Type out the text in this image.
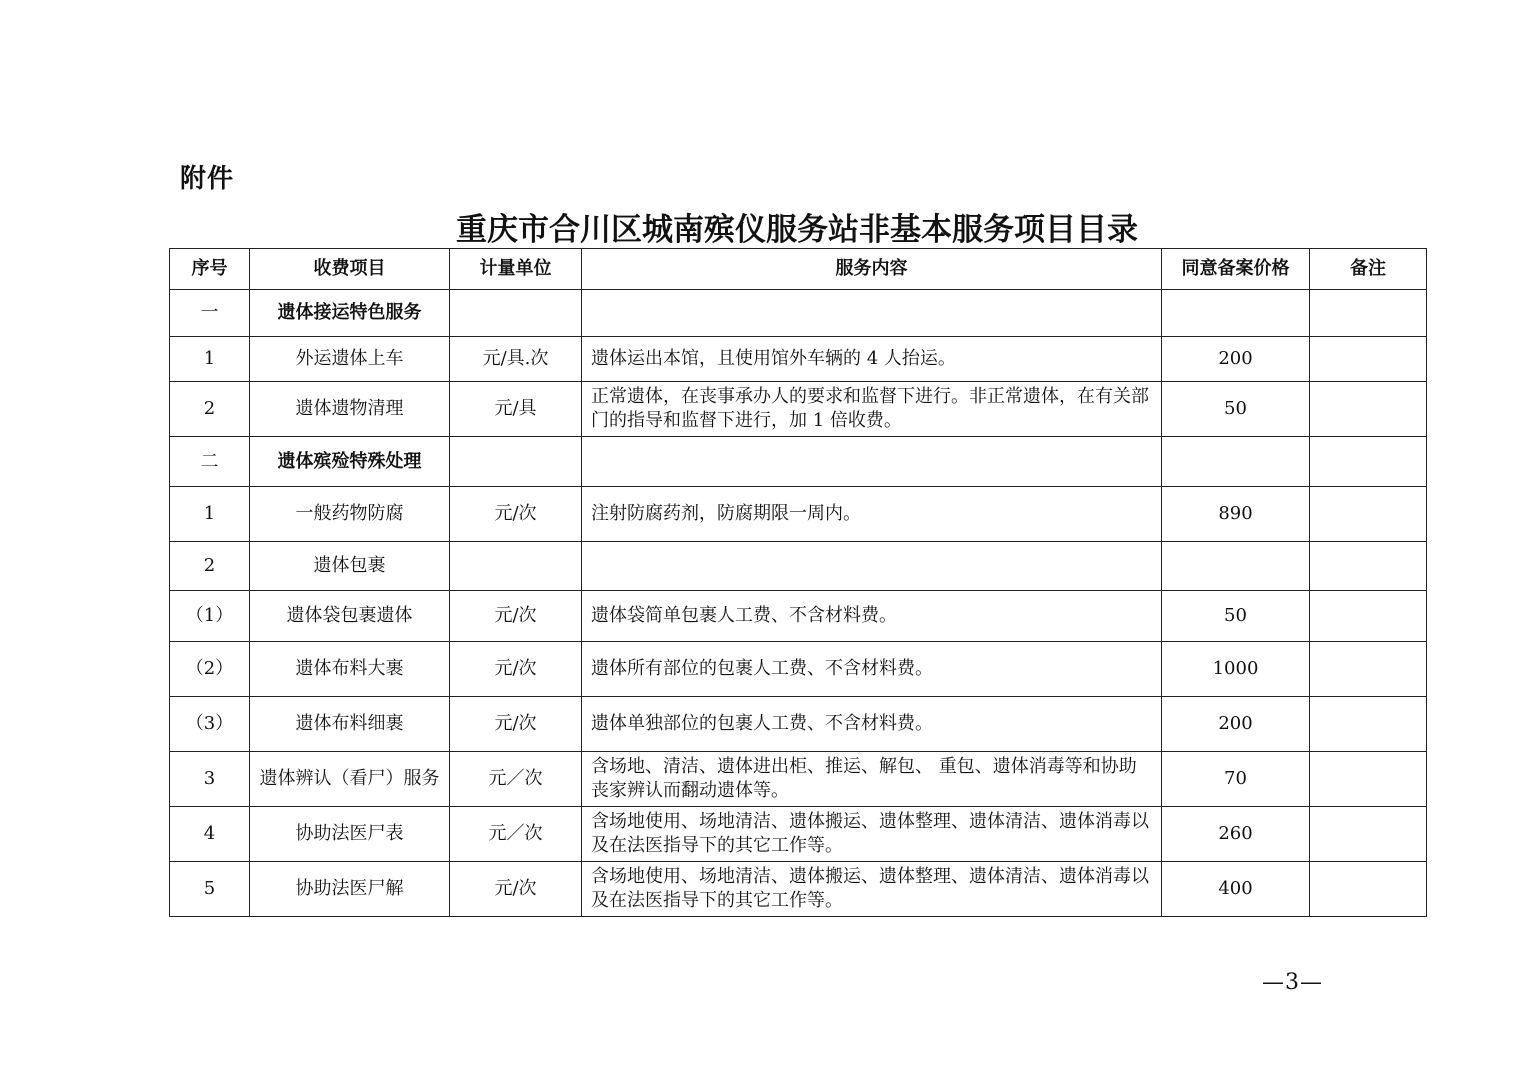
附件
重庆市合川区城南殡仪服务站非基本服务项目目录
序号	收费项目	计量单位	服务内容	同意备案价格	备注
一	遗体接运特色服务				
1	外运遗体上车	元/具.次	遗体运出本馆，且使用馆外车辆的 4 人抬运。	200	
2	遗体遗物清理	元/具	正常遗体，在丧事承办人的要求和监督下进行。非正常遗体，在有关部门的指导和监督下进行，加 1 倍收费。	50	
二	遗体殡殓特殊处理				
1	一般药物防腐	元/次	注射防腐药剂，防腐期限一周内。	890	
2	遗体包裹				
（1）	遗体袋包裹遗体	元/次	遗体袋简单包裹人工费、不含材料费。	50	
（2）	遗体布料大裹	元/次	遗体所有部位的包裹人工费、不含材料费。	1000	
（3）	遗体布料细裹	元/次	遗体单独部位的包裹人工费、不含材料费。	200	
3	遗体辨认（看尸）服务	元／次	含场地、清洁、遗体进出柜、推运、解包、 重包、遗体消毒等和协助丧家辨认而翻动遗体等。	70	
4	协助法医尸表	元／次	含场地使用、场地清洁、遗体搬运、遗体整理、遗体清洁、遗体消毒以及在法医指导下的其它工作等。	260	
5	协助法医尸解	元/次	含场地使用、场地清洁、遗体搬运、遗体整理、遗体清洁、遗体消毒以及在法医指导下的其它工作等。	400	
—3—
